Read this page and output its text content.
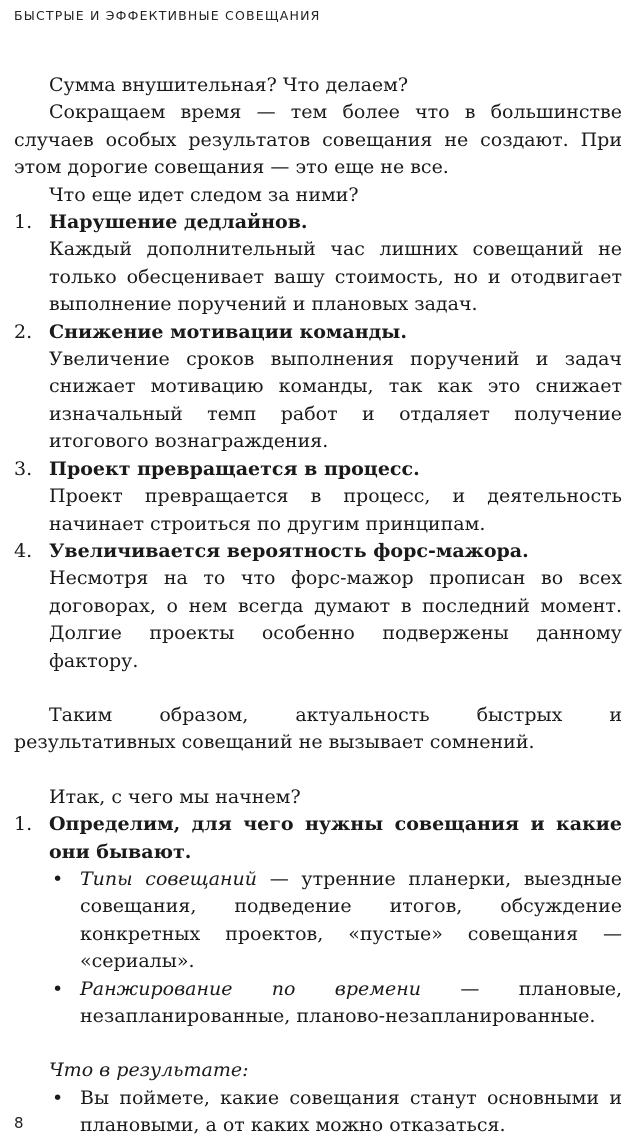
БЫСТРЫЕ И ЭФФЕКТИВНЫЕ СОВЕЩАНИЯ

Сумма внушительная? Что делаем?

Сокращаем время — тем более что в большинстве случаев особых результатов совещания не создают. При этом дорогие совещания — это еще не все.

Что еще идет следом за ними?

1. Нарушение дедлайнов.
Каждый дополнительный час лишних совещаний не только обесценивает вашу стоимость, но и отодвигает выполнение поручений и плановых задач.
2. Снижение мотивации команды.
Увеличение сроков выполнения поручений и задач снижает мотивацию команды, так как это снижает изначальный темп работ и отдаляет получение итогового вознаграждения.
3. Проект превращается в процесс.
Проект превращается в процесс, и деятельность начинает строиться по другим принципам.
4. Увеличивается вероятность форс-мажора.
Несмотря на то что форс-мажор прописан во всех договорах, о нем всегда думают в последний момент. Долгие проекты особенно подвержены данному фактору.

Таким образом, актуальность быстрых и результативных совещаний не вызывает сомнений.

Итак, с чего мы начнем?

1. Определим, для чего нужны совещания и какие они бывают.
• Типы совещаний — утренние планерки, выездные совещания, подведение итогов, обсуждение конкретных проектов, «пустые» совещания — «сериалы».
• Ранжирование по времени — плановые, незапланированные, планово-незапланированные.
Что в результате:
• Вы поймете, какие совещания станут основными и плановыми, а от каких можно отказаться.
8
